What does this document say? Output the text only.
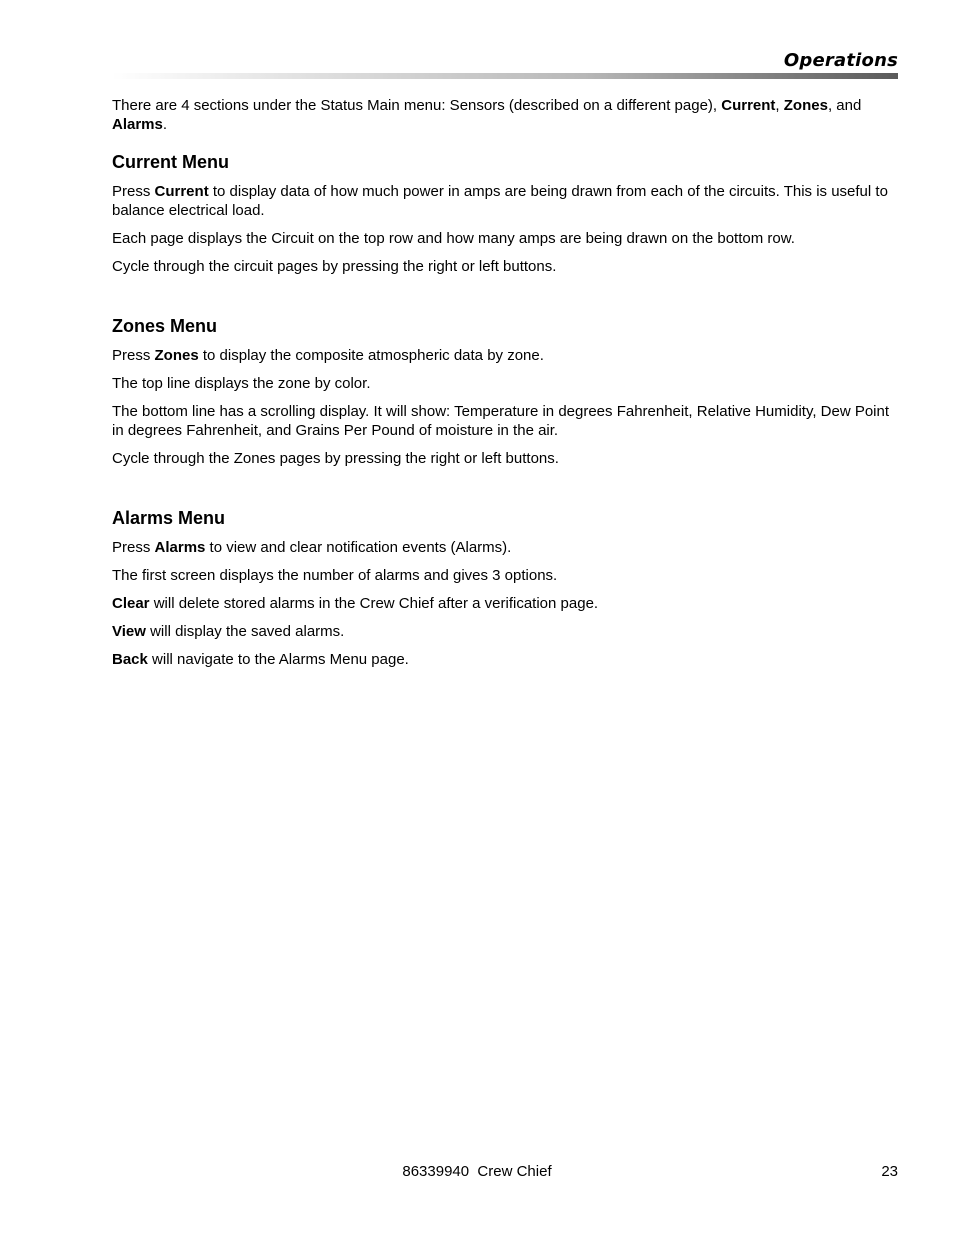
Operations

There are 4 sections under the Status Main menu: Sensors (described on a different page), Current, Zones, and Alarms.

Current Menu

Press Current to display data of how much power in amps are being drawn from each of the circuits. This is useful to balance electrical load.

Each page displays the Circuit on the top row and how many amps are being drawn on the bottom row.

Cycle through the circuit pages by pressing the right or left buttons.

Zones Menu

Press Zones to display the composite atmospheric data by zone.

The top line displays the zone by color.

The bottom line has a scrolling display. It will show: Temperature in degrees Fahrenheit, Relative Humidity, Dew Point in degrees Fahrenheit, and Grains Per Pound of moisture in the air.

Cycle through the Zones pages by pressing the right or left buttons.

Alarms Menu

Press Alarms to view and clear notification events (Alarms).

The first screen displays the number of alarms and gives 3 options.

Clear will delete stored alarms in the Crew Chief after a verification page.

View will display the saved alarms.

Back will navigate to the Alarms Menu page.

86339940  Crew Chief	23
